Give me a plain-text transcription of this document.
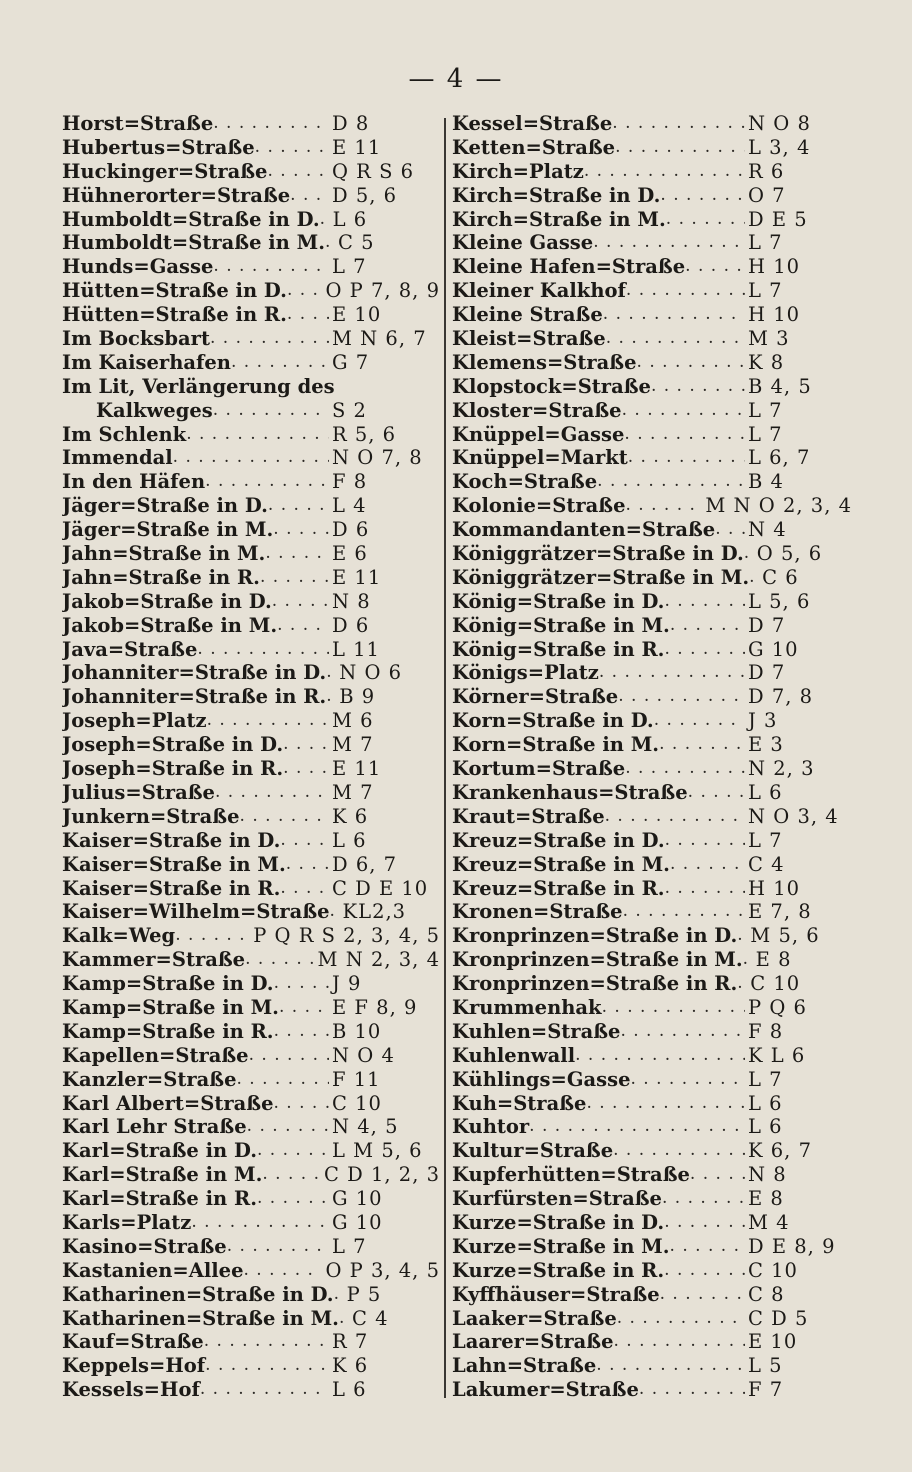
— 4 —
Horst=Straße . . .	D 8
Hubertus=Straße . . .	E 11
Huckinger=Straße . . .	Q R S 6
Hühnerorter=Straße . . . D 5, 6
Humboldt=Straße in D. . . . L 6
Humboldt=Straße in M. . . . C 5
Hunds=Gasse . . .	L 7
Hütten=Straße in D. . . . O P 7, 8, 9
Hütten=Straße in R. . . . E 10
Im Bocksbart . . .	M N 6, 7
Im Kaiserhafen . . .	G 7
Im Lit, Verlängerung des
Kalkweges . . .	S 2
Im Schlenk . . .	R 5, 6
Immendal . . .	N O 7, 8
In den Häfen . . .	F 8
Jäger=Straße in D. . . .	L 4
Jäger=Straße in M. . . .	D 6
Jahn=Straße in M. . . .	E 6
Jahn=Straße in R. . . .	E 11
Jakob=Straße in D. . . .	N 8
Jakob=Straße in M. . . .	D 6
Java=Straße . . .	L 11
Johanniter=Straße in D. . . . N O 6
Johanniter=Straße in R. . . . B 9
Joseph=Platz . . .	M 6
Joseph=Straße in D. . . .	M 7
Joseph=Straße in R. . . .	E 11
Julius=Straße . . .	M 7
Junkern=Straße . . .	K 6
Kaiser=Straße in D. . . .	L 6
Kaiser=Straße in M. . . . D 6, 7
Kaiser=Straße in R. . . .	C D E 10
Kaiser=Wilhelm=Straße . . . KL2,3
Kalk=Weg . . .	P Q R S 2, 3, 4, 5
Kammer=Straße . . .	M N 2, 3, 4
Kamp=Straße in D. . . .	J 9
Kamp=Straße in M. . . .	E F 8, 9
Kamp=Straße in R. . . .	B 10
Kapellen=Straße . . .	N O 4
Kanzler=Straße . . .	F 11
Karl Albert=Straße . . .	C 10
Karl Lehr Straße . . .	N 4, 5
Karl=Straße in D. . . .	L M 5, 6
Karl=Straße in M. . . .	C D 1, 2, 3
Karl=Straße in R. . . .	G 10
Karls=Platz . . .	G 10
Kasino=Straße . . .	L 7
Kastanien=Allee . . .	O P 3, 4, 5
Katharinen=Straße in D. . . . P 5
Katharinen=Straße in M. . . . C 4
Kauf=Straße . . .	R 7
Keppels=Hof . . .	K 6
Kessels=Hof . . .	L 6
Kessel=Straße . . .	N O 8
Ketten=Straße . . .	L 3, 4
Kirch=Platz . . .	R 6
Kirch=Straße in D. . . .	O 7
Kirch=Straße in M. . . .	D E 5
Kleine Gasse . . .	L 7
Kleine Hafen=Straße . . .	H 10
Kleiner Kalkhof . . .	L 7
Kleine Straße . . .	H 10
Kleist=Straße . . .	M 3
Klemens=Straße . . .	K 8
Klopstock=Straße . . .	B 4, 5
Kloster=Straße . . .	L 7
Knüppel=Gasse . . .	L 7
Knüppel=Markt . . .	L 6, 7
Koch=Straße . . .	B 4
Kolonie=Straße . . .	M N O 2, 3, 4
Kommandanten=Straße . . . N 4
Königgrätzer=Straße in D. . . . O 5, 6
Königgrätzer=Straße in M. . . . C 6
König=Straße in D. . . .	L 5, 6
König=Straße in M. . . .	D 7
König=Straße in R. . . .	G 10
Königs=Platz . . .	D 7
Körner=Straße . . .	D 7, 8
Korn=Straße in D. . . .	J 3
Korn=Straße in M. . . .	E 3
Kortum=Straße . . .	N 2, 3
Krankenhaus=Straße . . .	L 6
Kraut=Straße . . .	N O 3, 4
Kreuz=Straße in D. . . .	L 7
Kreuz=Straße in M. . . .	C 4
Kreuz=Straße in R. . . .	H 10
Kronen=Straße . . .	E 7, 8
Kronprinzen=Straße in D. . . . M 5, 6
Kronprinzen=Straße in M. . . . E 8
Kronprinzen=Straße in R. . . . C 10
Krummenhak . . .	P Q 6
Kuhlen=Straße . . .	F 8
Kuhlenwall . . .	K L 6
Kühlings=Gasse . . .	L 7
Kuh=Straße . . .	L 6
Kuhtor . . .	L 6
Kultur=Straße . . .	K 6, 7
Kupferhütten=Straße . . .	N 8
Kurfürsten=Straße . . .	E 8
Kurze=Straße in D. . . .	M 4
Kurze=Straße in M. . . .	D E 8, 9
Kurze=Straße in R. . . .	C 10
Kyffhäuser=Straße . . .	C 8
Laaker=Straße . . .	C D 5
Laarer=Straße . . .	E 10
Lahn=Straße . . .	L 5
Lakumer=Straße . . .	F 7
